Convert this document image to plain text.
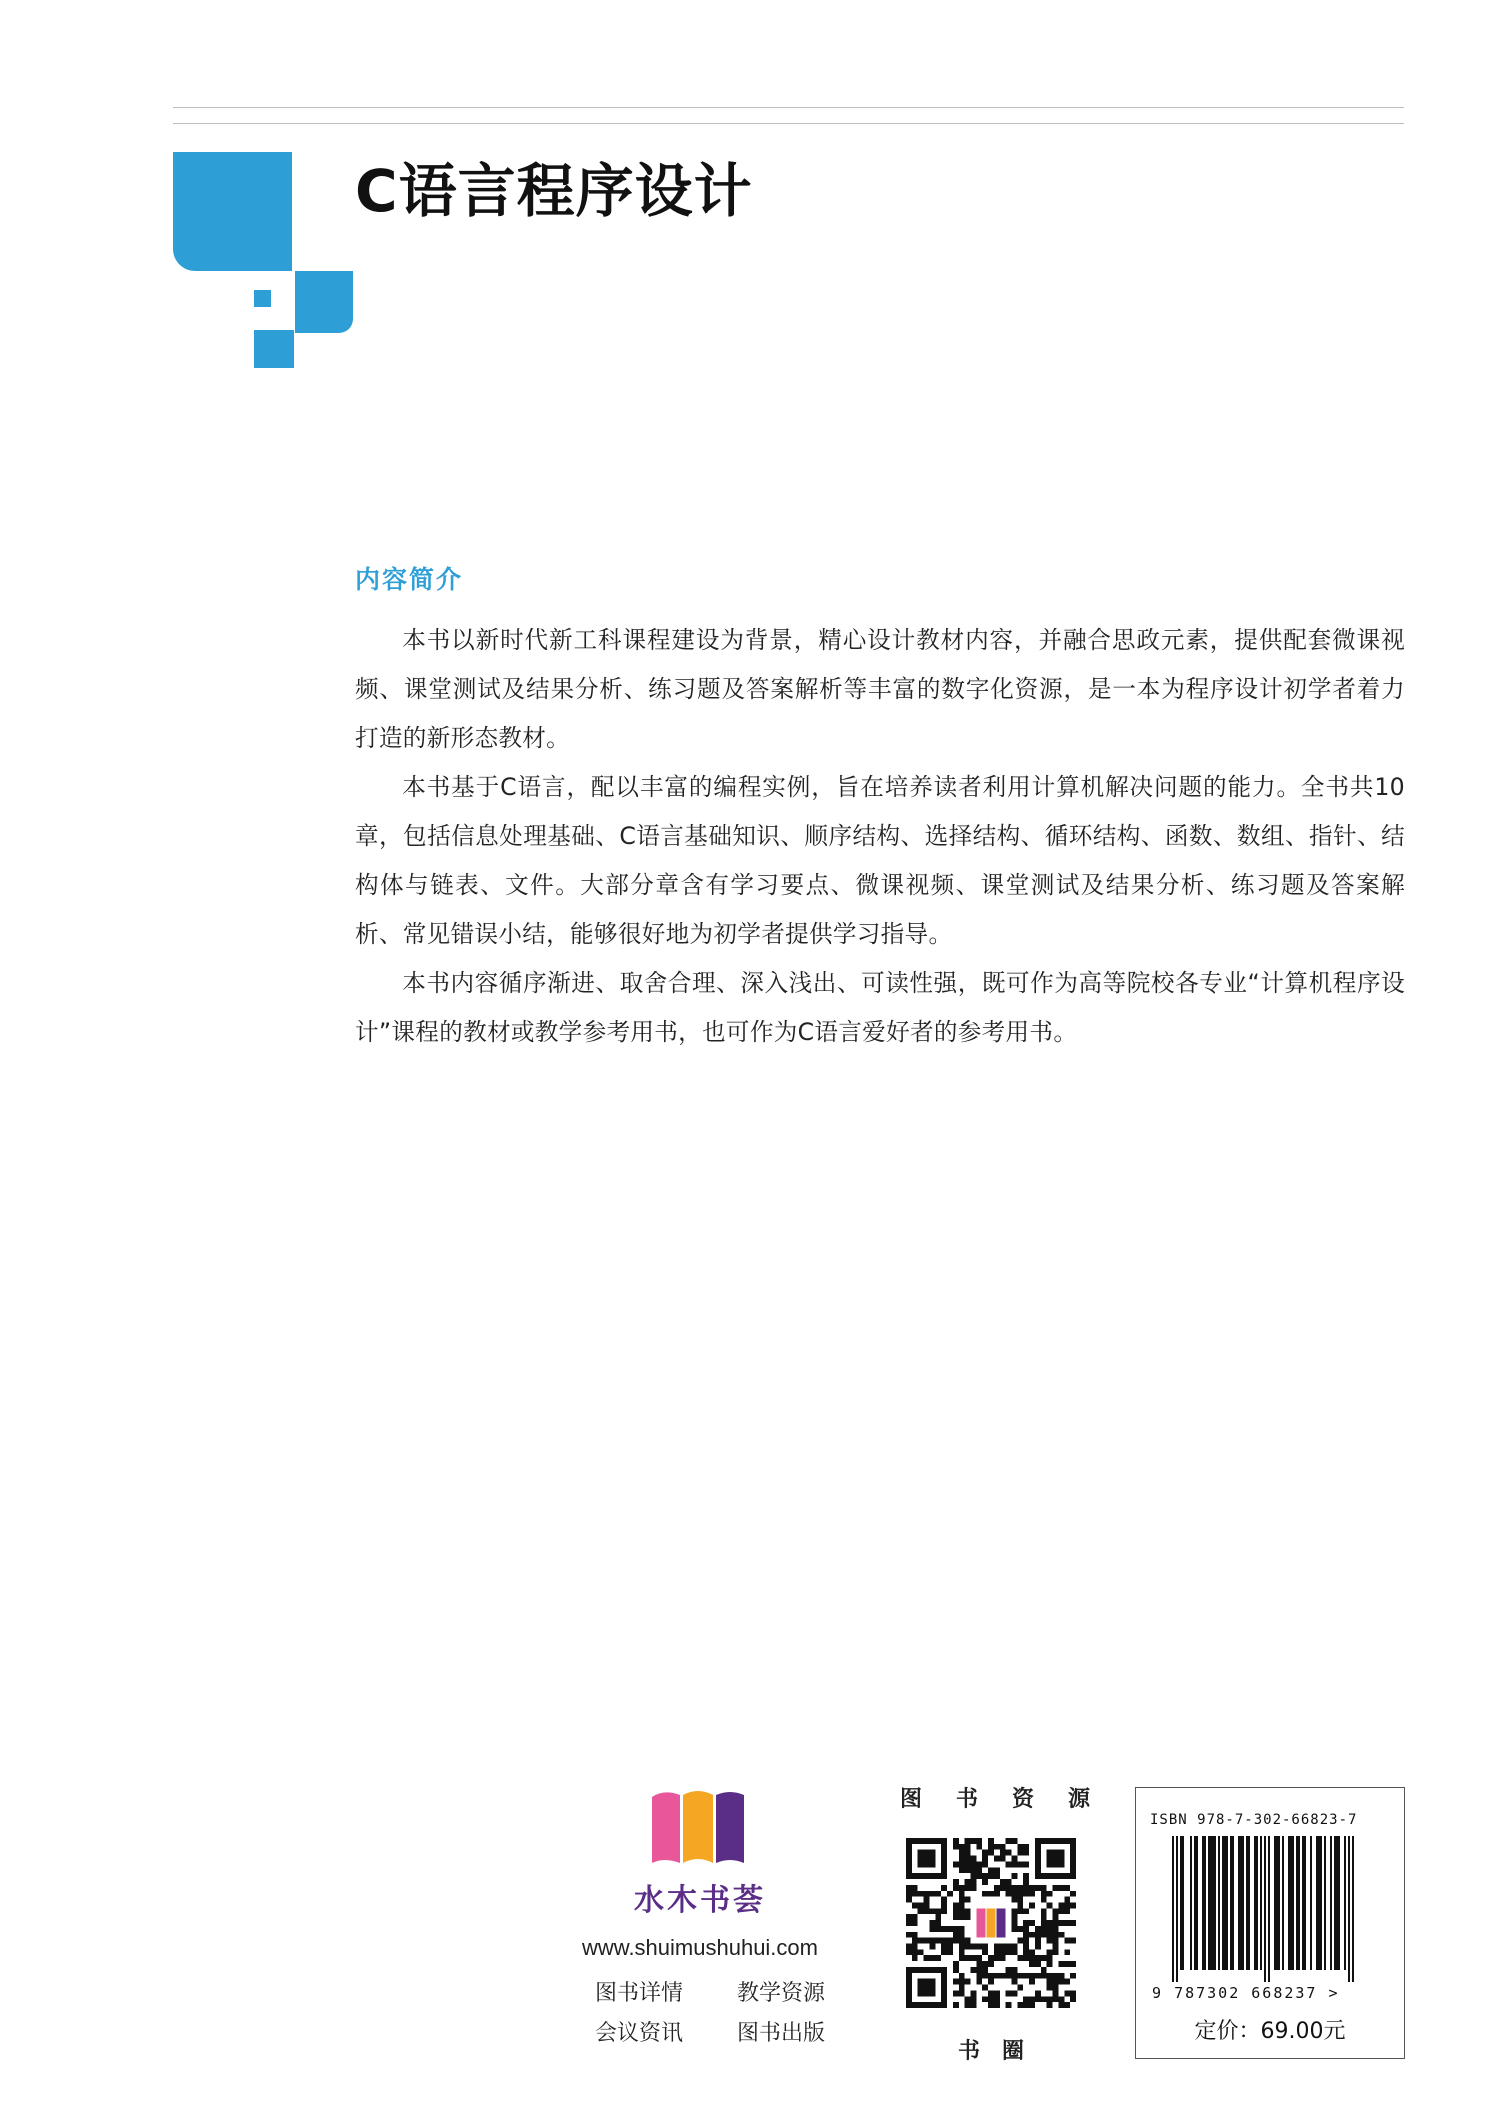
C语言程序设计
内容简介

本书以新时代新工科课程建设为背景，精心设计教材内容，并融合思政元素，提供配套微课视频、课堂测试及结果分析、练习题及答案解析等丰富的数字化资源，是一本为程序设计初学者着力打造的新形态教材。

本书基于C语言，配以丰富的编程实例，旨在培养读者利用计算机解决问题的能力。全书共10章，包括信息处理基础、C语言基础知识、顺序结构、选择结构、循环结构、函数、数组、指针、结构体与链表、文件。大部分章含有学习要点、微课视频、课堂测试及结果分析、练习题及答案解析、常见错误小结，能够很好地为初学者提供学习指导。

本书内容循序渐进、取舍合理、深入浅出、可读性强，既可作为高等院校各专业“计算机程序设计”课程的教材或教学参考用书，也可作为C语言爱好者的参考用书。

水木书荟
www.shuimushuhui.com
图书详情 教学资源
会议资讯 图书出版
图 书 资 源
书 圈
ISBN 978-7-302-66823-7
9 787302 668237 >
定价：69.00元
